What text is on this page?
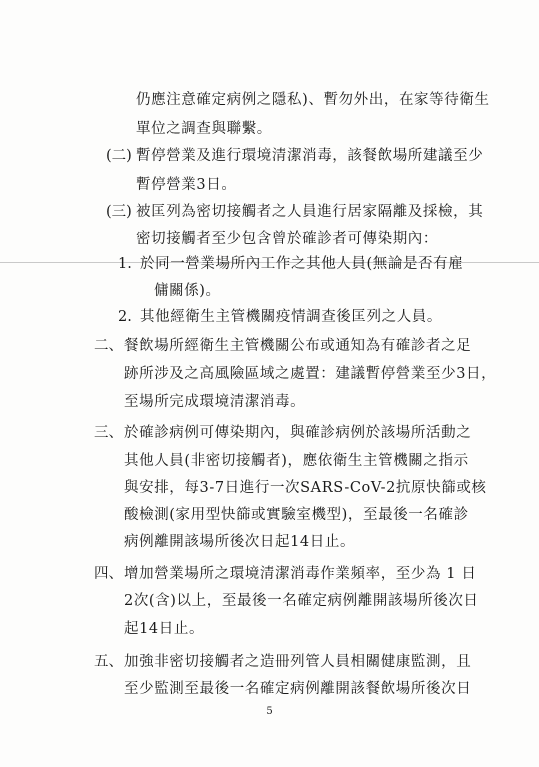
仍應注意確定病例之隱私)、暫勿外出，在家等待衛生
單位之調查與聯繫。
(二) 暫停營業及進行環境清潔消毒，該餐飲場所建議至少
暫停營業3日。
(三) 被匡列為密切接觸者之人員進行居家隔離及採檢，其
密切接觸者至少包含曾於確診者可傳染期內：
1. 於同一營業場所內工作之其他人員(無論是否有雇
傭關係)。
2. 其他經衛生主管機關疫情調查後匡列之人員。
二、 餐飲場所經衛生主管機關公布或通知為有確診者之足
跡所涉及之高風險區域之處置：建議暫停營業至少3日，
至場所完成環境清潔消毒。
三、 於確診病例可傳染期內，與確診病例於該場所活動之
其他人員(非密切接觸者)，應依衛生主管機關之指示
與安排，每3-7日進行一次SARS-CoV-2抗原快篩或核
酸檢測(家用型快篩或實驗室機型)，至最後一名確診
病例離開該場所後次日起14日止。
四、 增加營業場所之環境清潔消毒作業頻率，至少為 1 日
2次(含)以上，至最後一名確定病例離開該場所後次日
起14日止。
五、 加強非密切接觸者之造冊列管人員相關健康監測，且
至少監測至最後一名確定病例離開該餐飲場所後次日
5
